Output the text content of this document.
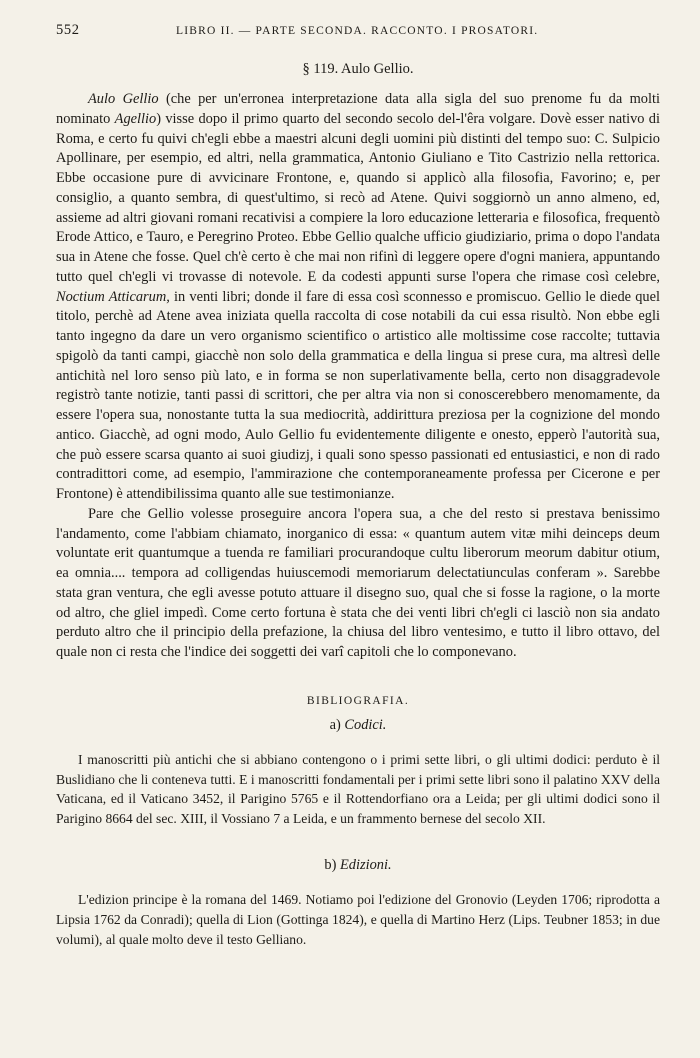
552	LIBRO II. — PARTE SECONDA. RACCONTO. I PROSATORI.
§ 119. Aulo Gellio.

Aulo Gellio (che per un'erronea interpretazione data alla sigla del suo prenome fu da molti nominato Agellio) visse dopo il primo quarto del secondo secolo del-l'êra volgare. Dovè esser nativo di Roma, e certo fu quivi ch'egli ebbe a maestri alcuni degli uomini più distinti del tempo suo: C. Sulpicio Apollinare, per esempio, ed altri, nella grammatica, Antonio Giuliano e Tito Castrizio nella rettorica. Ebbe occasione pure di avvicinare Frontone, e, quando si applicò alla filosofia, Favorino; e, per consiglio, a quanto sembra, di quest'ultimo, si recò ad Atene. Quivi soggiornò un anno almeno, ed, assieme ad altri giovani romani recativisi a compiere la loro educazione letteraria e filosofica, frequentò Erode Attico, e Tauro, e Peregrino Proteo. Ebbe Gellio qualche ufficio giudiziario, prima o dopo l'andata sua in Atene che fosse. Quel ch'è certo è che mai non rifinì di leggere opere d'ogni maniera, appuntando tutto quel ch'egli vi trovasse di notevole. E da codesti appunti surse l'opera che rimase così celebre, Noctium Atticarum, in venti libri; donde il fare di essa così sconnesso e promiscuo. Gellio le diede quel titolo, perchè ad Atene avea iniziata quella raccolta di cose notabili da cui essa risultò. Non ebbe egli tanto ingegno da dare un vero organismo scientifico o artistico alle moltissime cose raccolte; tuttavia spigolò da tanti campi, giacchè non solo della grammatica e della lingua si prese cura, ma altresì delle antichità nel loro senso più lato, e in forma se non superlativamente bella, certo non disaggradevole registrò tante notizie, tanti passi di scrittori, che per altra via non si conoscerebbero menomamente, da essere l'opera sua, nonostante tutta la sua mediocrità, addirittura preziosa per la cognizione del mondo antico. Giacchè, ad ogni modo, Aulo Gellio fu evidentemente diligente e onesto, epperò l'autorità sua, che può essere scarsa quanto ai suoi giudizj, i quali sono spesso passionati ed entusiastici, e non di rado contradittori come, ad esempio, l'ammirazione che contemporaneamente professa per Cicerone e per Frontone) è attendibilissima quanto alle sue testimonianze.

Pare che Gellio volesse proseguire ancora l'opera sua, a che del resto si prestava benissimo l'andamento, come l'abbiam chiamato, inorganico di essa: « quantum autem vitæ mihi deinceps deum voluntate erit quantumque a tuenda re familiari procurandoque cultu liberorum meorum dabitur otium, ea omnia.... tempora ad colligendas huiuscemodi memoriarum delectatiunculas conferam ». Sarebbe stata gran ventura, che egli avesse potuto attuare il disegno suo, qual che si fosse la ragione, o la morte od altro, che gliel impedì. Come certo fortuna è stata che dei venti libri ch'egli ci lasciò non sia andato perduto altro che il principio della prefazione, la chiusa del libro ventesimo, e tutto il libro ottavo, del quale non ci resta che l'indice dei soggetti dei varî capitoli che lo componevano.

BIBLIOGRAFIA.
a) Codici.

I manoscritti più antichi che si abbiano contengono o i primi sette libri, o gli ultimi dodici: perduto è il Buslidiano che li conteneva tutti. E i manoscritti fondamentali per i primi sette libri sono il palatino XXV della Vaticana, ed il Vaticano 3452, il Parigino 5765 e il Rottendorfiano ora a Leida; per gli ultimi dodici sono il Parigino 8664 del sec. XIII, il Vossiano 7 a Leida, e un frammento bernese del secolo XII.

b) Edizioni.

L'edizion principe è la romana del 1469. Notiamo poi l'edizione del Gronovio (Leyden 1706; riprodotta a Lipsia 1762 da Conradi); quella di Lion (Gottinga 1824), e quella di Martino Herz (Lips. Teubner 1853; in due volumi), al quale molto deve il testo Gelliano.
